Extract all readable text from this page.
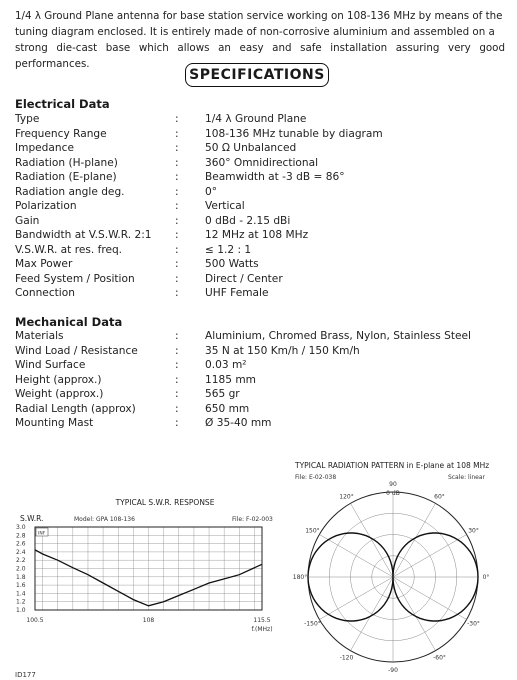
1/4 λ Ground Plane antenna for base station service working on 108-136 MHz by means of the
tuning diagram enclosed. It is entirely made of non-corrosive aluminium and assembled on a
strong die-cast base which allows an easy and safe installation assuring very good performances.
SPECIFICATIONS
Electrical Data
Type	: 1/4 λ Ground Plane
Frequency Range	: 108-136 MHz tunable by diagram
Impedance	: 50 Ω Unbalanced
Radiation (H-plane)	: 360° Omnidirectional
Radiation (E-plane)	: Beamwidth at -3 dB = 86°
Radiation angle deg.	: 0°
Polarization	: Vertical
Gain	: 0 dBd - 2.15 dBi
Bandwidth at V.S.W.R. 2:1 : 12 MHz at 108 MHz
V.S.W.R. at res. freq.	: ≤ 1.2 : 1
Max Power	: 500 Watts
Feed System / Position	: Direct / Center
Connection	: UHF Female
Mechanical Data
Materials	: Aluminium, Chromed Brass, Nylon, Stainless Steel
Wind Load / Resistance	: 35 N at 150 Km/h / 150 Km/h
Wind Surface	: 0.03 m²
Height (approx.)	: 1185 mm
Weight (approx.)	: 565 gr
Radial Length (approx)	: 650 mm
Mounting Mast	: Ø 35-40 mm
TYPICAL S.W.R. RESPONSE
S.W.R.	Model: GPA 108-136	File: F-02-003
INF
3.0
2.8
2.6
2.4
2.2
2.0
1.8
1.6
1.4
1.2
1.0
100.5	108	115.5
f.(MHz)
TYPICAL RADIATION PATTERN in E-plane at 108 MHz
File: E-02-038	Scale: linear
90
60°
30°
0°
-30°
-60°
-90
-120
-150°
180°
150°
120°	0 dB
ID177
